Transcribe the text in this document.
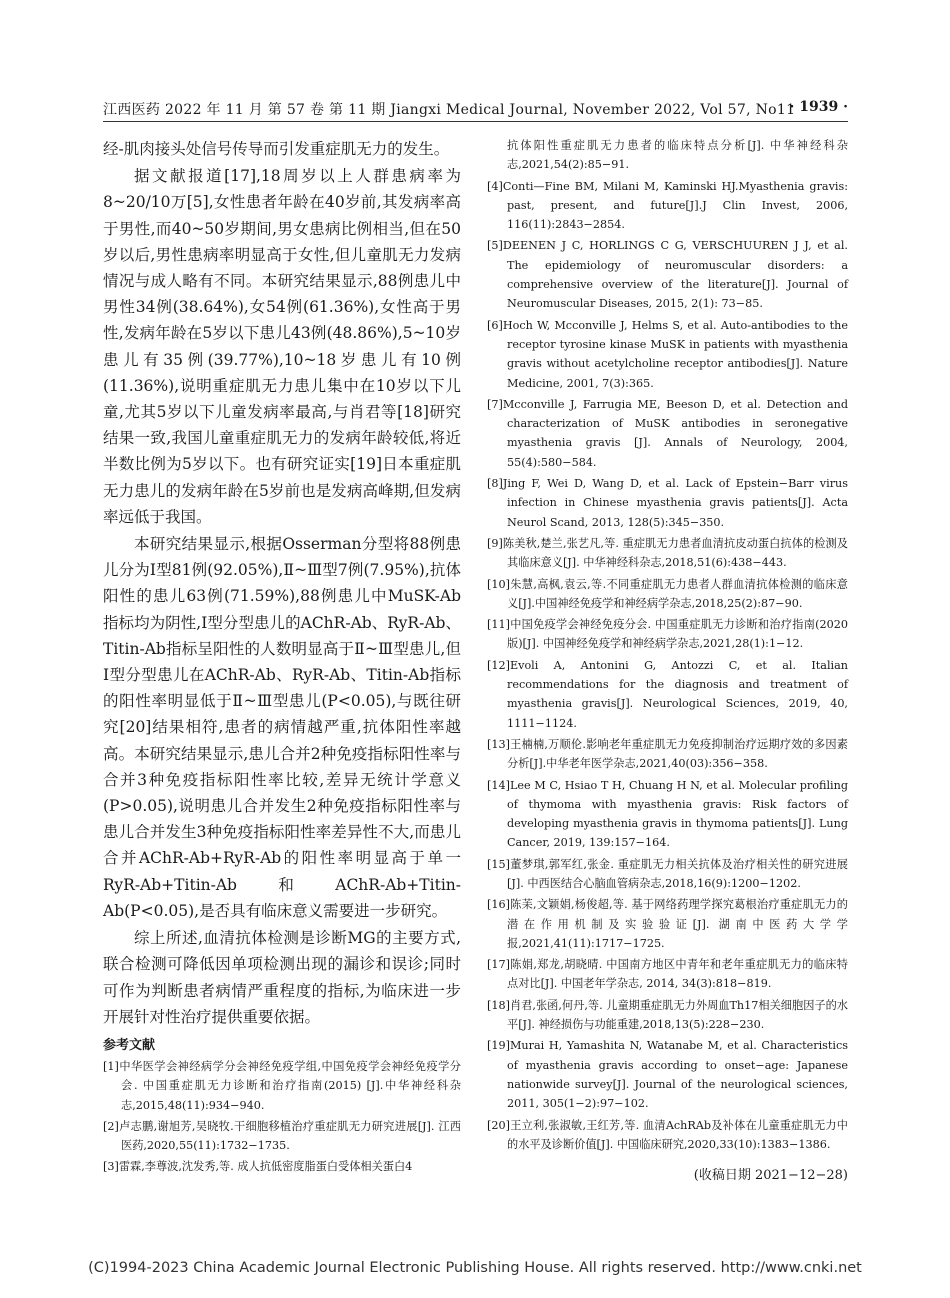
江西医药 2022 年 11 月 第 57 卷 第 11 期 Jiangxi Medical Journal, November 2022, Vol 57, No11
· 1939 ·

经-肌肉接头处信号传导而引发重症肌无力的发生。

据文献报道[17],18周岁以上人群患病率为8~20/10万[5],女性患者年龄在40岁前,其发病率高于男性,而40~50岁期间,男女患病比例相当,但在50岁以后,男性患病率明显高于女性,但儿童肌无力发病情况与成人略有不同。本研究结果显示,88例患儿中男性34例(38.64%),女54例(61.36%),女性高于男性,发病年龄在5岁以下患儿43例(48.86%),5~10岁患儿有35例(39.77%),10~18岁患儿有10例(11.36%),说明重症肌无力患儿集中在10岁以下儿童,尤其5岁以下儿童发病率最高,与肖君等[18]研究结果一致,我国儿童重症肌无力的发病年龄较低,将近半数比例为5岁以下。也有研究证实[19]日本重症肌无力患儿的发病年龄在5岁前也是发病高峰期,但发病率远低于我国。

本研究结果显示,根据Osserman分型将88例患儿分为Ⅰ型81例(92.05%),Ⅱ~Ⅲ型7例(7.95%),抗体阳性的患儿63例(71.59%),88例患儿中MuSK-Ab指标均为阴性,Ⅰ型分型患儿的AChR-Ab、RyR-Ab、Titin-Ab指标呈阳性的人数明显高于Ⅱ~Ⅲ型患儿,但Ⅰ型分型患儿在AChR-Ab、RyR-Ab、Titin-Ab指标的阳性率明显低于Ⅱ~Ⅲ型患儿(P<0.05),与既往研究[20]结果相符,患者的病情越严重,抗体阳性率越高。本研究结果显示,患儿合并2种免疫指标阳性率与合并3种免疫指标阳性率比较,差异无统计学意义(P>0.05),说明患儿合并发生2种免疫指标阳性率与患儿合并发生3种免疫指标阳性率差异性不大,而患儿合并AChR-Ab+RyR-Ab的阳性率明显高于单一RyR-Ab+Titin-Ab和AChR-Ab+Titin-Ab(P<0.05),是否具有临床意义需要进一步研究。

综上所述,血清抗体检测是诊断MG的主要方式,联合检测可降低因单项检测出现的漏诊和误诊;同时可作为判断患者病情严重程度的指标,为临床进一步开展针对性治疗提供重要依据。

参考文献

[1]中华医学会神经病学分会神经免疫学组,中国免疫学会神经免疫学分会. 中国重症肌无力诊断和治疗指南(2015) [J].中华神经科杂志,2015,48(11):934−940.

[2]卢志鹏,谢旭芳,吴晓牧.干细胞移植治疗重症肌无力研究进展[J]. 江西医药,2020,55(11):1732−1735.

[3]雷霖,李尊波,沈发秀,等. 成人抗低密度脂蛋白受体相关蛋白4

抗体阳性重症肌无力患者的临床特点分析[J]. 中华神经科杂志,2021,54(2):85−91.

[4]Conti—Fine BM, Milani M, Kaminski HJ.Myasthenia gravis: past, present, and future[J].J Clin Invest, 2006, 116(11):2843−2854.

[5]DEENEN J C, HORLINGS C G, VERSCHUUREN J J, et al. The epidemiology of neuromuscular disorders: a comprehensive overview of the literature[J]. Journal of Neuromuscular Diseases, 2015, 2(1): 73−85.

[6]Hoch W, Mcconville J, Helms S, et al. Auto-antibodies to the receptor tyrosine kinase MuSK in patients with myasthenia gravis without acetylcholine receptor antibodies[J]. Nature Medicine, 2001, 7(3):365.

[7]Mcconville J, Farrugia ME, Beeson D, et al. Detection and characterization of MuSK antibodies in seronegative myasthenia gravis [J]. Annals of Neurology, 2004, 55(4):580−584.

[8]Jing F, Wei D, Wang D, et al. Lack of Epstein−Barr virus infection in Chinese myasthenia gravis patients[J]. Acta Neurol Scand, 2013, 128(5):345−350.

[9]陈美秋,楚兰,张艺凡,等. 重症肌无力患者血清抗皮动蛋白抗体的检测及其临床意义[J]. 中华神经科杂志,2018,51(6):438−443.

[10]朱慧,高枫,袁云,等.不同重症肌无力患者人群血清抗体检测的临床意义[J].中国神经免疫学和神经病学杂志,2018,25(2):87−90.

[11]中国免疫学会神经免疫分会. 中国重症肌无力诊断和治疗指南(2020版)[J]. 中国神经免疫学和神经病学杂志,2021,28(1):1−12.

[12]Evoli A, Antonini G, Antozzi C, et al. Italian recommendations for the diagnosis and treatment of myasthenia gravis[J]. Neurological Sciences, 2019, 40, 1111−1124.

[13]王楠楠,万顺伦.影响老年重症肌无力免疫抑制治疗远期疗效的多因素分析[J].中华老年医学杂志,2021,40(03):356−358.

[14]Lee M C, Hsiao T H, Chuang H N, et al. Molecular profiling of thymoma with myasthenia gravis: Risk factors of developing myasthenia gravis in thymoma patients[J]. Lung Cancer, 2019, 139:157−164.

[15]董梦琪,郭军红,张金. 重症肌无力相关抗体及治疗相关性的研究进展[J]. 中西医结合心脑血管病杂志,2018,16(9):1200−1202.

[16]陈苿,文颖娟,杨俊超,等. 基于网络药理学探究葛根治疗重症肌无力的潜在作用机制及实验验证[J]. 湖南中医药大学学报,2021,41(11):1717−1725.

[17]陈娟,郑龙,胡晓晴. 中国南方地区中青年和老年重症肌无力的临床特点对比[J]. 中国老年学杂志, 2014, 34(3):818−819.

[18]肖君,张函,何丹,等. 儿童期重症肌无力外周血Th17相关细胞因子的水平[J]. 神经损伤与功能重建,2018,13(5):228−230.

[19]Murai H, Yamashita N, Watanabe M, et al. Characteristics of myasthenia gravis according to onset−age: Japanese nationwide survey[J]. Journal of the neurological sciences, 2011, 305(1−2):97−102.

[20]王立利,张淑敏,王红芳,等. 血清AchRAb及补体在儿童重症肌无力中的水平及诊断价值[J]. 中国临床研究,2020,33(10):1383−1386.

(收稿日期 2021−12−28)
(C)1994-2023 China Academic Journal Electronic Publishing House. All rights reserved. http://www.cnki.net
